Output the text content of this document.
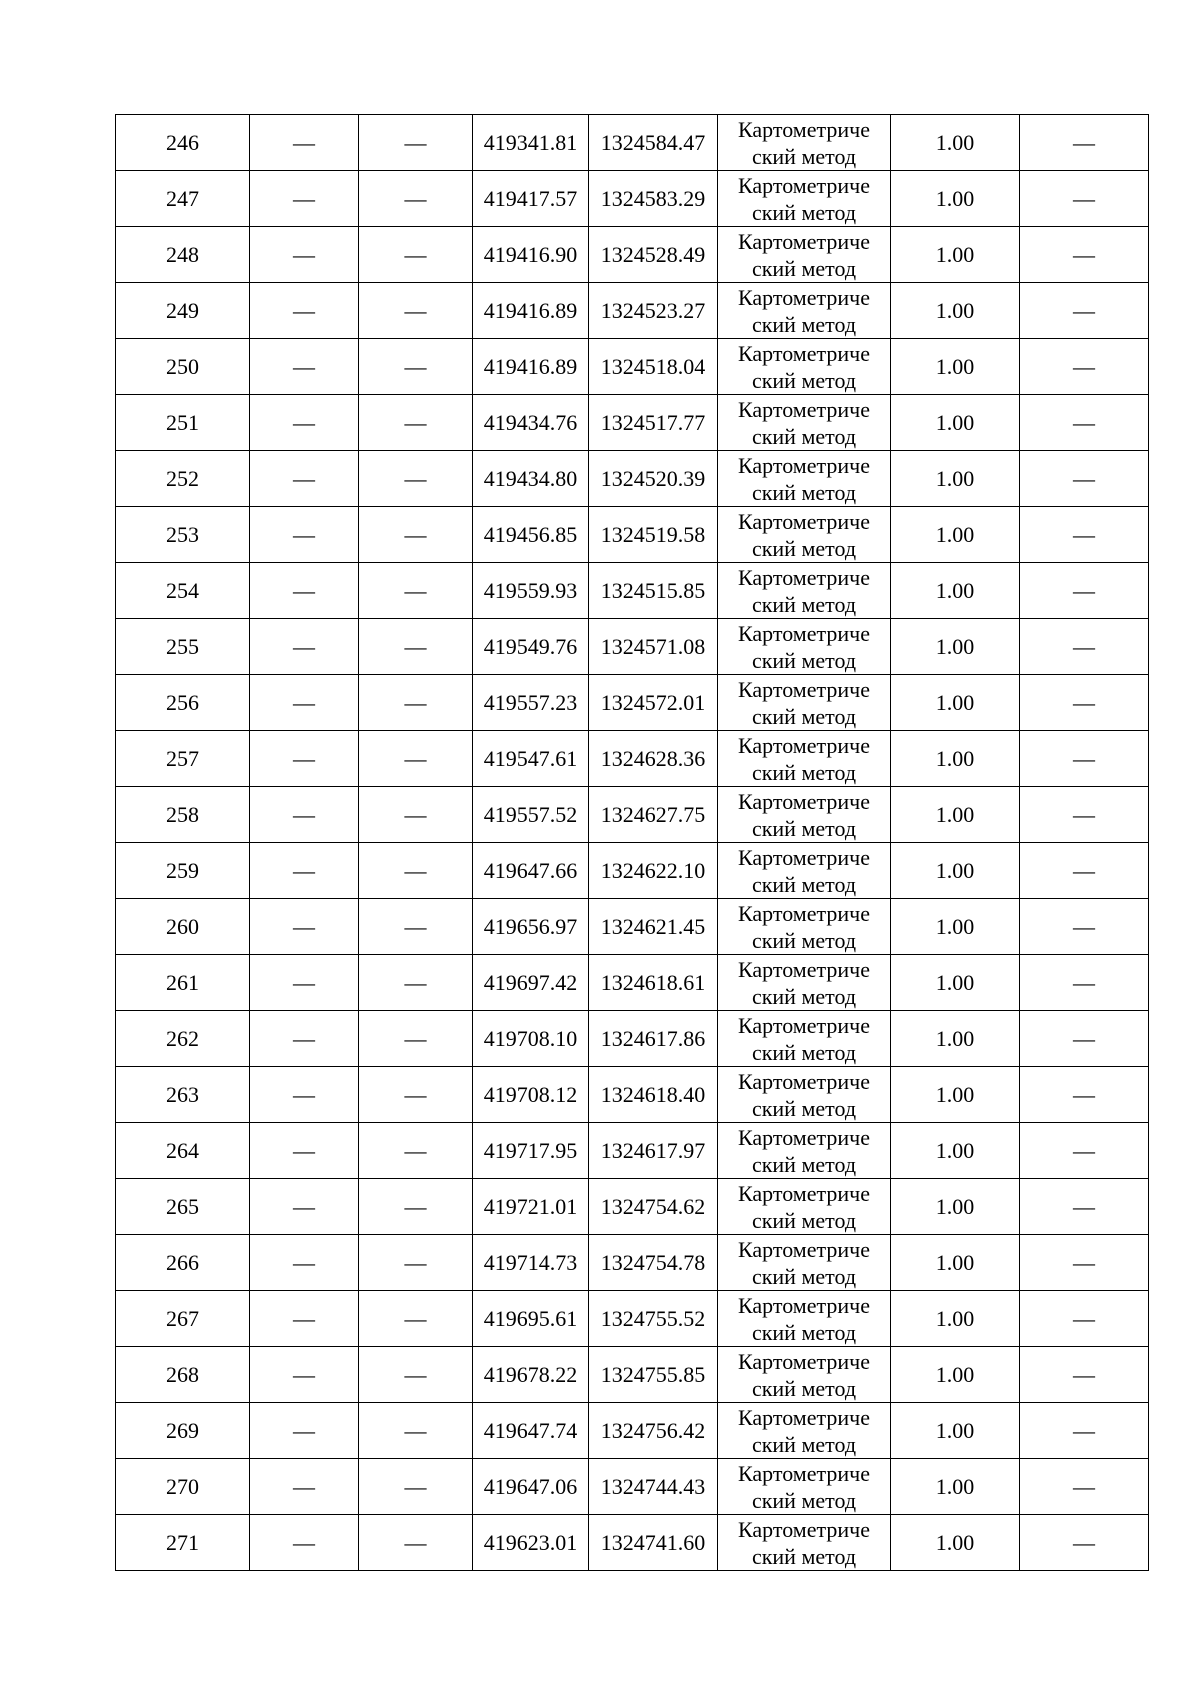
246	—	—	419341.81	1324584.47	Картометриче ский метод	1.00	—
247	—	—	419417.57	1324583.29	Картометриче ский метод	1.00	—
248	—	—	419416.90	1324528.49	Картометриче ский метод	1.00	—
249	—	—	419416.89	1324523.27	Картометриче ский метод	1.00	—
250	—	—	419416.89	1324518.04	Картометриче ский метод	1.00	—
251	—	—	419434.76	1324517.77	Картометриче ский метод	1.00	—
252	—	—	419434.80	1324520.39	Картометриче ский метод	1.00	—
253	—	—	419456.85	1324519.58	Картометриче ский метод	1.00	—
254	—	—	419559.93	1324515.85	Картометриче ский метод	1.00	—
255	—	—	419549.76	1324571.08	Картометриче ский метод	1.00	—
256	—	—	419557.23	1324572.01	Картометриче ский метод	1.00	—
257	—	—	419547.61	1324628.36	Картометриче ский метод	1.00	—
258	—	—	419557.52	1324627.75	Картометриче ский метод	1.00	—
259	—	—	419647.66	1324622.10	Картометриче ский метод	1.00	—
260	—	—	419656.97	1324621.45	Картометриче ский метод	1.00	—
261	—	—	419697.42	1324618.61	Картометриче ский метод	1.00	—
262	—	—	419708.10	1324617.86	Картометриче ский метод	1.00	—
263	—	—	419708.12	1324618.40	Картометриче ский метод	1.00	—
264	—	—	419717.95	1324617.97	Картометриче ский метод	1.00	—
265	—	—	419721.01	1324754.62	Картометриче ский метод	1.00	—
266	—	—	419714.73	1324754.78	Картометриче ский метод	1.00	—
267	—	—	419695.61	1324755.52	Картометриче ский метод	1.00	—
268	—	—	419678.22	1324755.85	Картометриче ский метод	1.00	—
269	—	—	419647.74	1324756.42	Картометриче ский метод	1.00	—
270	—	—	419647.06	1324744.43	Картометриче ский метод	1.00	—
271	—	—	419623.01	1324741.60	Картометриче ский метод	1.00	—
